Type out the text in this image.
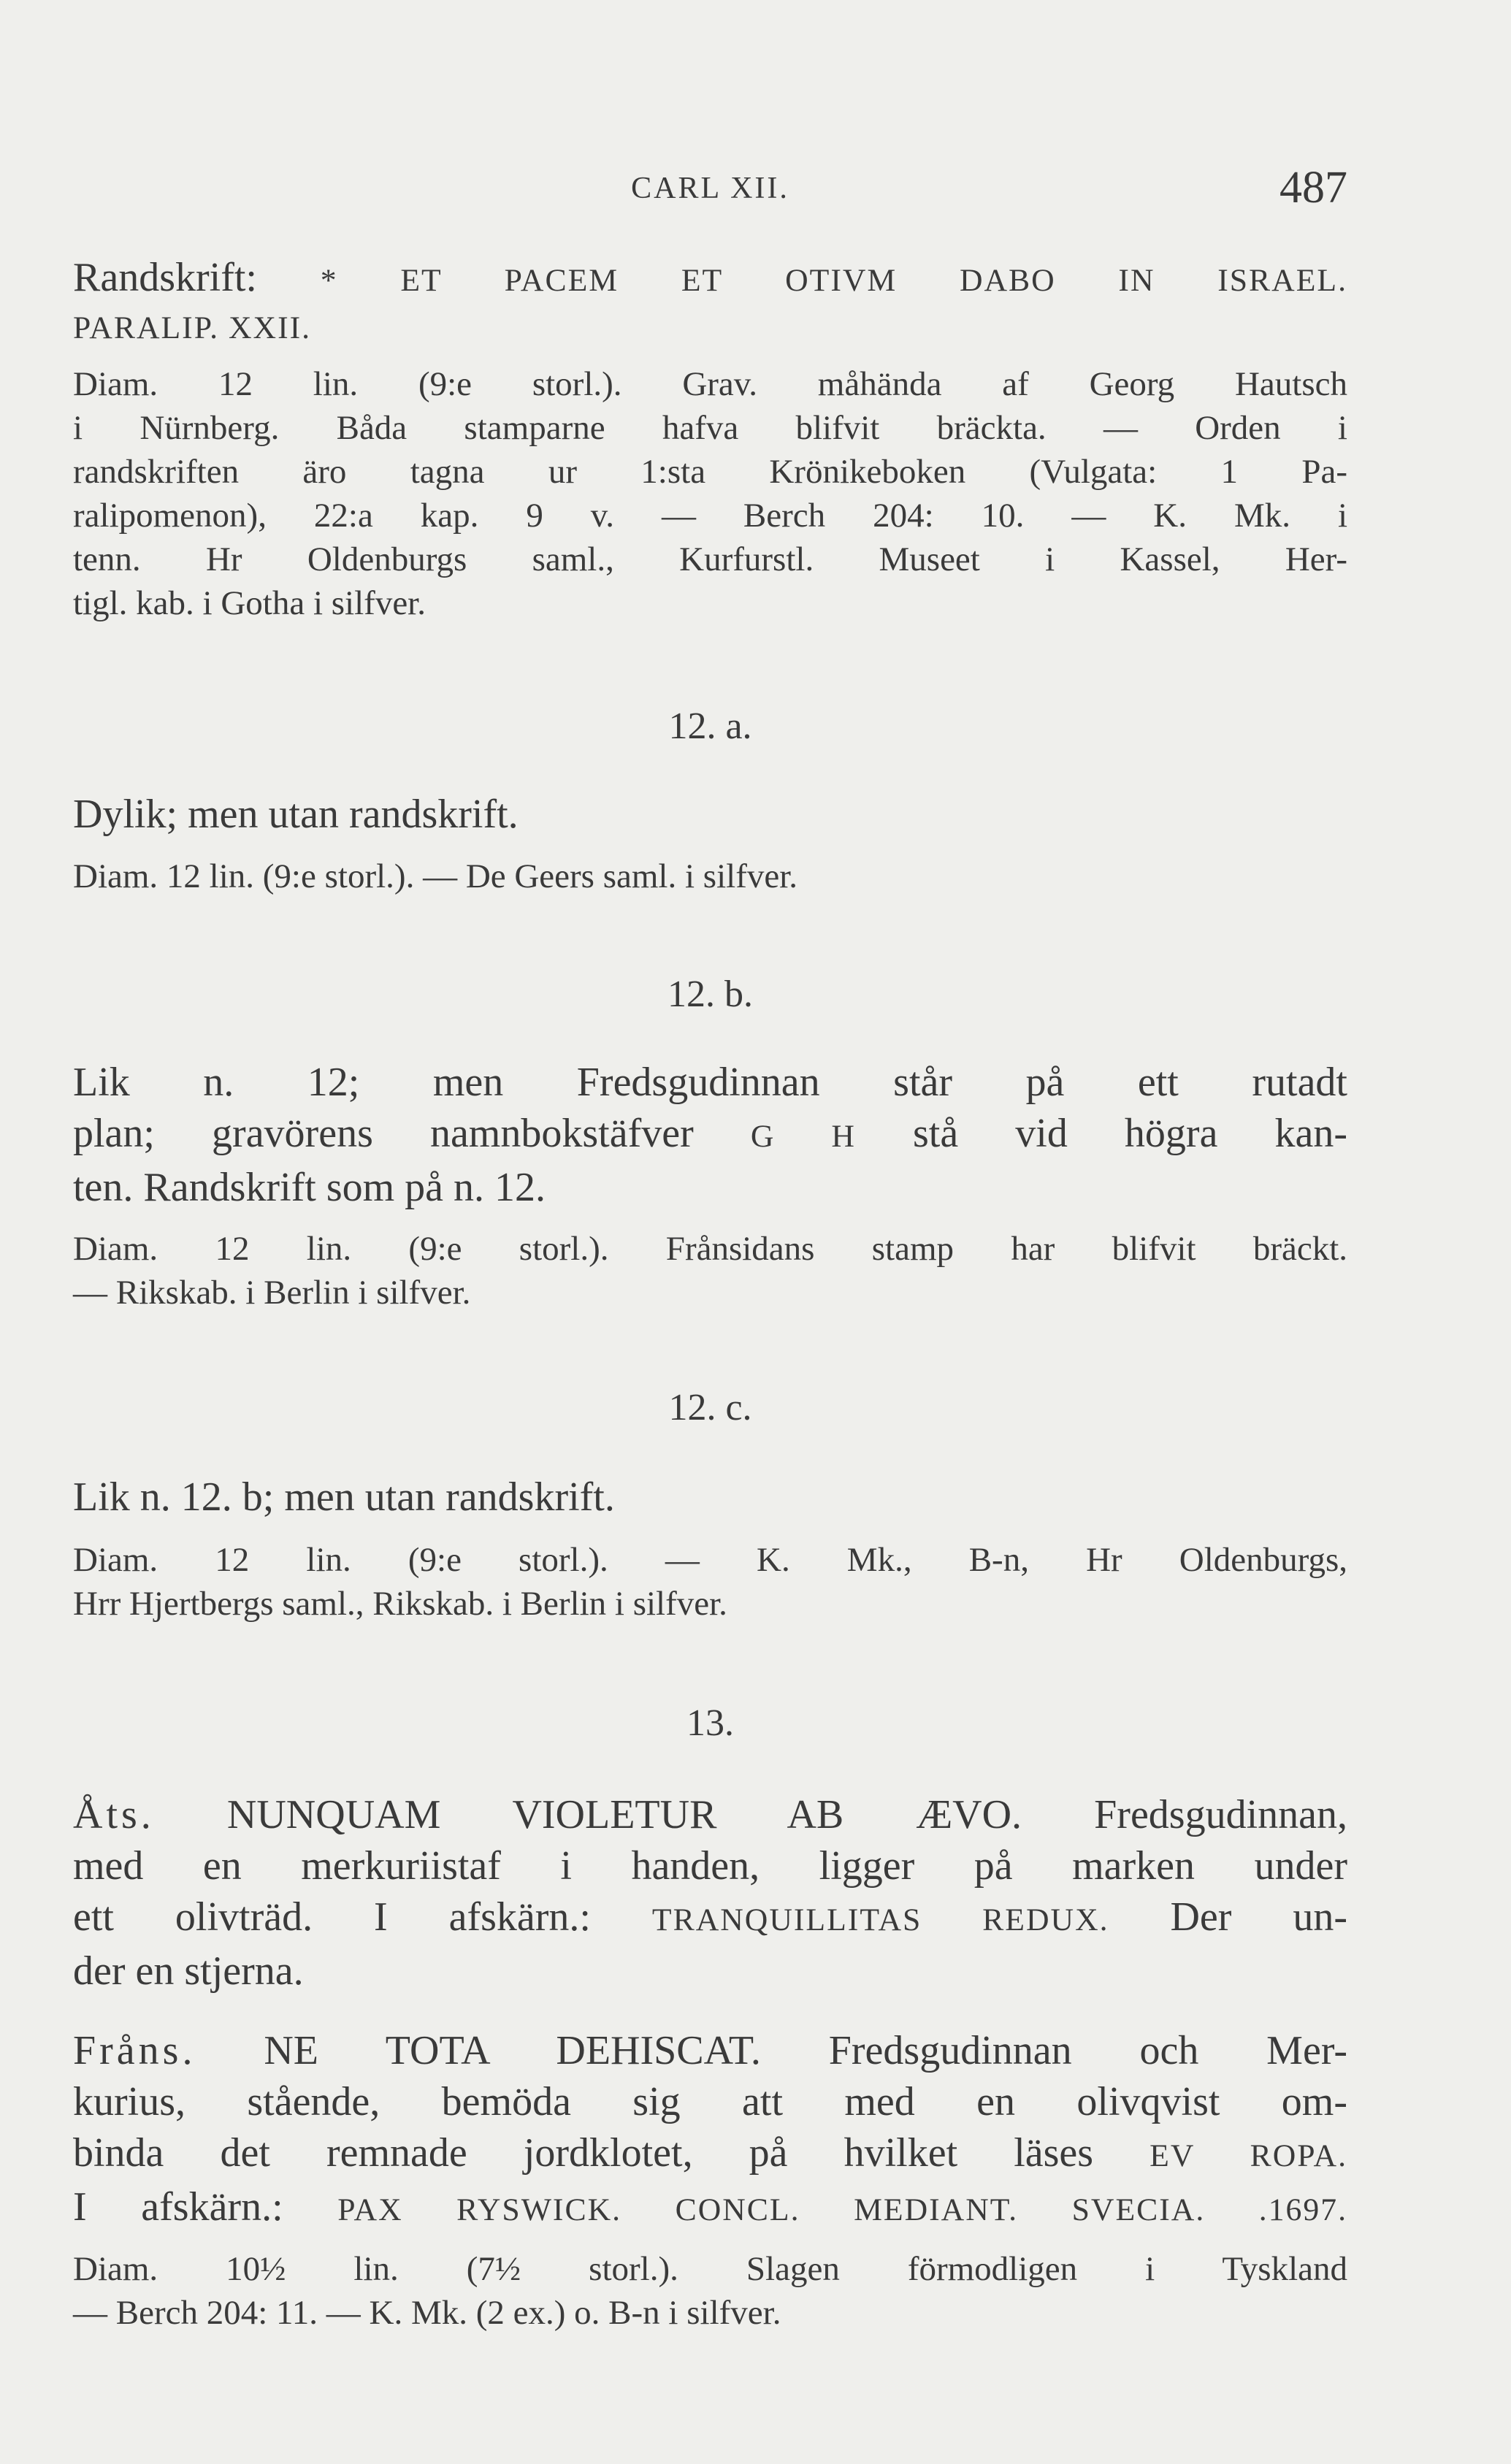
CARL XII.	487
Randskrift: * ET PACEM ET OTIVM DABO IN ISRAEL.
PARALIP. XXII.
Diam. 12 lin. (9:e storl.). Grav. måhända af Georg Hautsch
i Nürnberg. Båda stamparne hafva blifvit bräckta. — Orden i
randskriften äro tagna ur 1:sta Krönikeboken (Vulgata: 1 Pa-
ralipomenon), 22:a kap. 9 v. — Berch 204: 10. — K. Mk. i
tenn. Hr Oldenburgs saml., Kurfurstl. Museet i Kassel, Her-
tigl. kab. i Gotha i silfver.

12. a.

Dylik; men utan randskrift.
Diam. 12 lin. (9:e storl.). — De Geers saml. i silfver.

12. b.

Lik n. 12; men Fredsgudinnan står på ett rutadt
plan; gravörens namnbokstäfver G H stå vid högra kan-
ten. Randskrift som på n. 12.
Diam. 12 lin. (9:e storl.). Frånsidans stamp har blifvit bräckt.
— Rikskab. i Berlin i silfver.

12. c.

Lik n. 12. b; men utan randskrift.
Diam. 12 lin. (9:e storl.). — K. Mk., B-n, Hr Oldenburgs,
Hrr Hjertbergs saml., Rikskab. i Berlin i silfver.

13.

Åts. NUNQUAM VIOLETUR AB ÆVO. Fredsgudinnan,
med en merkuriistaf i handen, ligger på marken under
ett olivträd. I afskärn.: TRANQUILLITAS REDUX. Der un-
der en stjerna.
Fråns. NE TOTA DEHISCAT. Fredsgudinnan och Mer-
kurius, stående, bemöda sig att med en olivqvist om-
binda det remnade jordklotet, på hvilket läses EV ROPA.
I afskärn.: PAX RYSWICK. CONCL. MEDIANT. SVECIA. .1697.
Diam. 10½ lin. (7½ storl.). Slagen förmodligen i Tyskland
— Berch 204: 11. — K. Mk. (2 ex.) o. B-n i silfver.
